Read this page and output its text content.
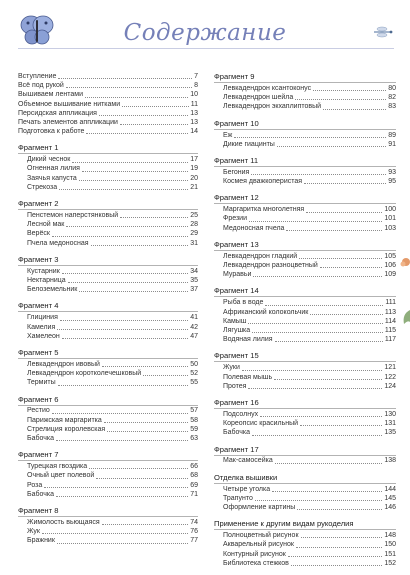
Содержание
Вступление	7
Всё под рукой	8
Вышиваем лентами	10
Объемное вышивание нитками	11
Персидская аппликация	13
Печать элементов аппликации	13
Подготовка к работе	14
Фрагмент 1
Дикий чеснок	17
Огненная лилия	19
Заячья капуста	20
Стрекоза	21
Фрагмент 2
Пенстемон наперстянковый	25
Лесной мак	28
Верёск	29
Пчела медоносная	31
Фрагмент 3
Кустарник	34
Нектарница	35
Белоземельник	37
Фрагмент 4
Глициния	41
Камелия	42
Хамелеон	47
Фрагмент 5
Левкадендрон ивовый	50
Левкадендрон коротколечешковый	52
Термиты	55
Фрагмент 6
Рестио	57
Парижская маргаритка	58
Стрелиция королевская	59
Бабочка	63
Фрагмент 7
Турецкая гвоздика	66
Очный цвет полевой	68
Роза	69
Бабочка	71
Фрагмент 8
Жимолость вьющаяся	74
Жук	76
Бражник	77
Фрагмент 9
Левкадендрон ксантоконус	80
Левкадендрон шейла	82
Левкадендрон экхаплиптовый	83
Фрагмент 10
Еж	89
Дикие гиацинты	91
Фрагмент 11
Бегония	93
Космея дважкоперистая	95
Фрагмент 12
Маргаритка многолетняя	100
Фрезии	101
Медоносная пчела	103
Фрагмент 13
Левкадендрон гладкий	105
Левкадендрон разноцветный	106
Муравьи	109
Фрагмент 14
Рыба в воде	111
Африканский колокольчик	113
Камыш	114
Лягушка	115
Водяная лилия	117
Фрагмент 15
Жуки	121
Полевая мышь	122
Протея	124
Фрагмент 16
Подсолнух	130
Кореопсис красильный	131
Бабочка	135
Фрагмент 17
Мак-самосейка	138
Отделка вышивки
Четыре уголка	144
Трапунто	145
Оформление картины	146
Применение к другим видам рукоделия
Полноцветный рисунок	148
Акварельный рисунок	150
Контурный рисунок	151
Библиотека стежков	152
